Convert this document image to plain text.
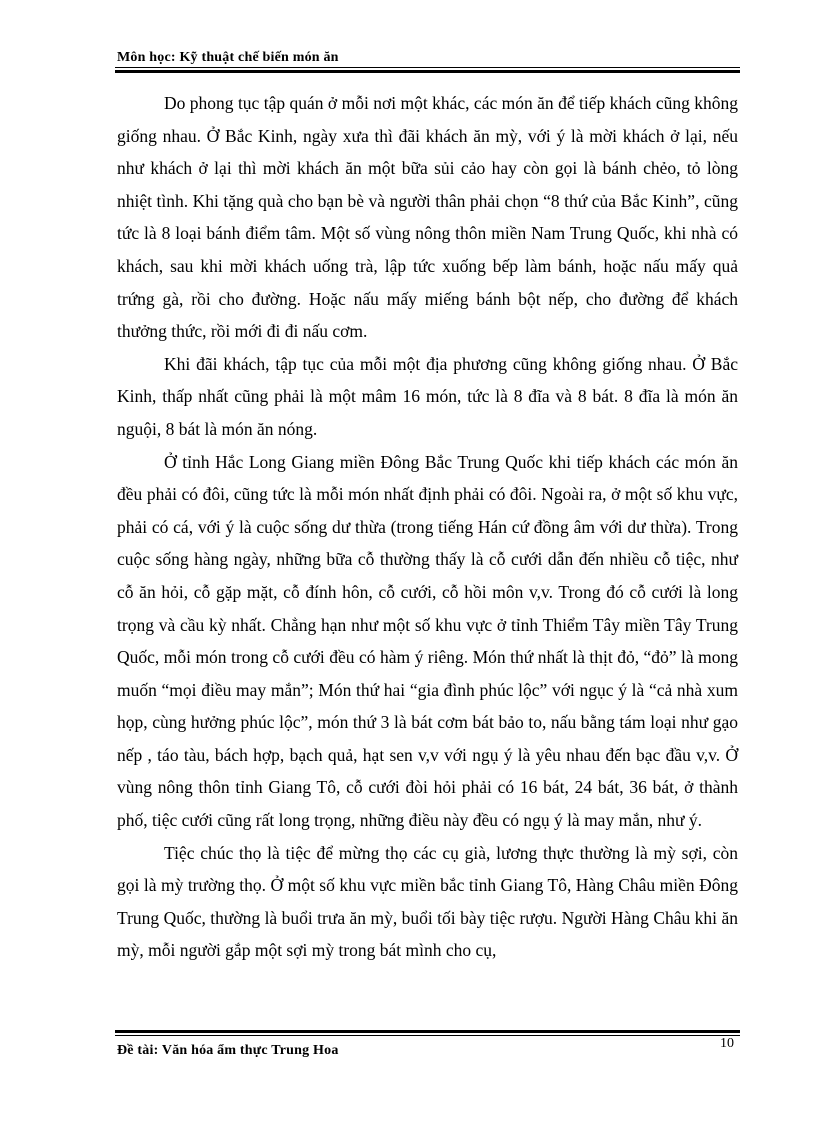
Môn học: Kỹ thuật chế biến món ăn

Do phong tục tập quán ở mỗi nơi một khác, các món ăn để tiếp khách cũng không giống nhau. Ở Bắc Kinh, ngày xưa thì đãi khách ăn mỳ, với ý là mời khách ở lại, nếu như khách ở lại thì mời khách ăn một bữa sủi cảo hay còn gọi là bánh chẻo, tỏ lòng nhiệt tình. Khi tặng quà cho bạn bè và người thân phải chọn “8 thứ của Bắc Kinh”, cũng tức là 8 loại bánh điểm tâm. Một số vùng nông thôn miền Nam Trung Quốc, khi nhà có khách, sau khi mời khách uống trà, lập tức xuống bếp làm bánh, hoặc nấu mấy quả trứng gà, rồi cho đường. Hoặc nấu mấy miếng bánh bột nếp, cho đường để khách thưởng thức, rồi mới đi đi nấu cơm.

Khi đãi khách, tập tục của mỗi một địa phương cũng không giống nhau. Ở Bắc Kinh, thấp nhất cũng phải là một mâm 16 món, tức là 8 đĩa và 8 bát. 8 đĩa là món ăn nguội, 8 bát là món ăn nóng.

Ở tỉnh Hắc Long Giang miền Đông Bắc Trung Quốc khi tiếp khách các món ăn đều phải có đôi, cũng tức là mỗi món nhất định phải có đôi. Ngoài ra, ở một số khu vực, phải có cá, với ý là cuộc sống dư thừa (trong tiếng Hán cứ đồng âm với dư thừa). Trong cuộc sống hàng ngày, những bữa cỗ thường thấy là cỗ cưới dẫn đến nhiều cỗ tiệc, như cỗ ăn hỏi, cỗ gặp mặt, cỗ đính hôn, cỗ cưới, cỗ hồi môn v,v. Trong đó cỗ cưới là long trọng và cầu kỳ nhất. Chẳng hạn như một số khu vực ở tỉnh Thiểm Tây miền Tây Trung Quốc, mỗi món trong cỗ cưới đều có hàm ý riêng. Món thứ nhất là thịt đỏ, “đỏ” là mong muốn “mọi điều may mắn”; Món thứ hai “gia đình phúc lộc” với ngục ý là “cả nhà xum họp, cùng hưởng phúc lộc”, món thứ 3 là bát cơm bát bảo to, nấu bằng tám loại như gạo nếp , táo tàu, bách hợp, bạch quả, hạt sen v,v với ngụ ý là yêu nhau đến bạc đầu v,v. Ở vùng nông thôn tỉnh Giang Tô, cỗ cưới đòi hỏi phải có 16 bát, 24 bát, 36 bát, ở thành phố, tiệc cưới cũng rất long trọng, những điều này đều có ngụ ý là may mắn, như ý.

Tiệc chúc thọ là tiệc để mừng thọ các cụ già, lương thực thường là mỳ sợi, còn gọi là mỳ trường thọ. Ở một số khu vực miền bắc tỉnh Giang Tô, Hàng Châu miền Đông Trung Quốc, thường là buổi trưa ăn mỳ, buổi tối bày tiệc rượu. Người Hàng Châu khi ăn mỳ, mỗi người gắp một sợi mỳ trong bát mình cho cụ,

10
Đề tài: Văn hóa ẩm thực Trung Hoa
